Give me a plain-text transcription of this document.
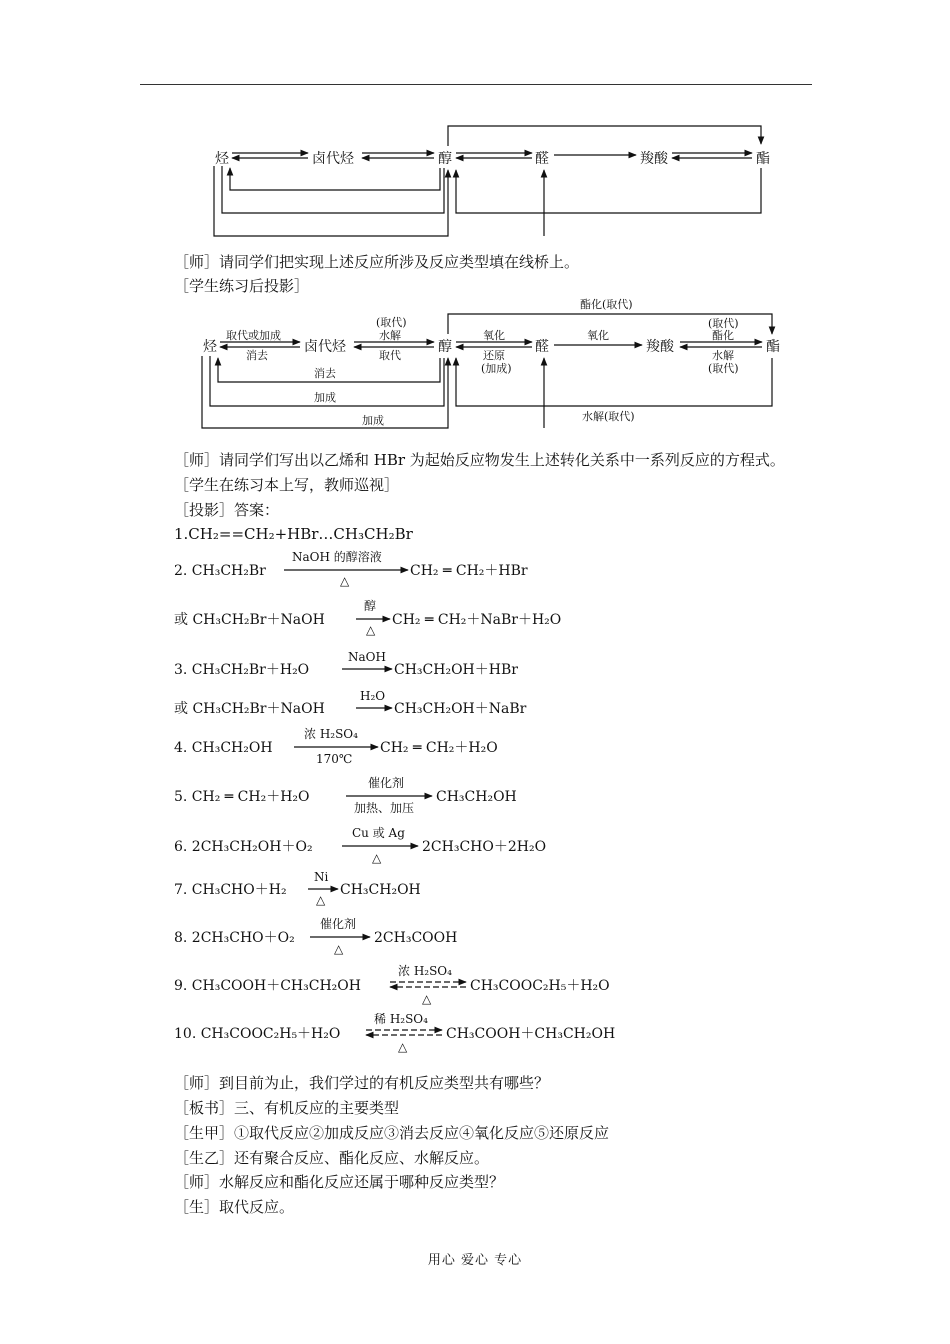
烃	卤代烃	醇	醛	羧酸	酯
［师］请同学们把实现上述反应所涉及反应类型填在线桥上。
［学生练习后投影］
烃	卤代烃	醇	醛	羧酸	酯
取代或加成
消去
(取代)
水解
取代
氧化
还原
(加成)
氧化
(取代)
酯化
水解
(取代)
酯化(取代)
消去
加成
加成	水解(取代)
［师］请同学们写出以乙烯和 HBr 为起始反应物发生上述转化关系中一系列反应的方程式。
［学生在练习本上写，教师巡视］
［投影］答案：
1.CH₂==CH₂+HBr…CH₃CH₂Br
2. CH₃CH₂Br
NaOH 的醇溶液
△
CH₂ ═ CH₂＋HBr
或 CH₃CH₂Br＋NaOH
醇
△
CH₂ ═ CH₂＋NaBr＋H₂O
3. CH₃CH₂Br＋H₂O
NaOH
CH₃CH₂OH＋HBr
或 CH₃CH₂Br＋NaOH
H₂O
CH₃CH₂OH＋NaBr
4. CH₃CH₂OH
浓 H₂SO₄
170℃
CH₂ ═ CH₂＋H₂O
5. CH₂ ═ CH₂＋H₂O
催化剂
加热、加压
CH₃CH₂OH
6. 2CH₃CH₂OH＋O₂
Cu 或 Ag
△
2CH₃CHO＋2H₂O
7. CH₃CHO＋H₂
Ni
△
CH₃CH₂OH
8. 2CH₃CHO＋O₂
催化剂
△
2CH₃COOH
9. CH₃COOH＋CH₃CH₂OH
浓 H₂SO₄
△
CH₃COOC₂H₅＋H₂O
10. CH₃COOC₂H₅＋H₂O
稀 H₂SO₄
△
CH₃COOH＋CH₃CH₂OH
［师］到目前为止，我们学过的有机反应类型共有哪些？
［板书］三、有机反应的主要类型
［生甲］①取代反应②加成反应③消去反应④氧化反应⑤还原反应
［生乙］还有聚合反应、酯化反应、水解反应。
［师］水解反应和酯化反应还属于哪种反应类型？
［生］取代反应。
用心 爱心 专心
